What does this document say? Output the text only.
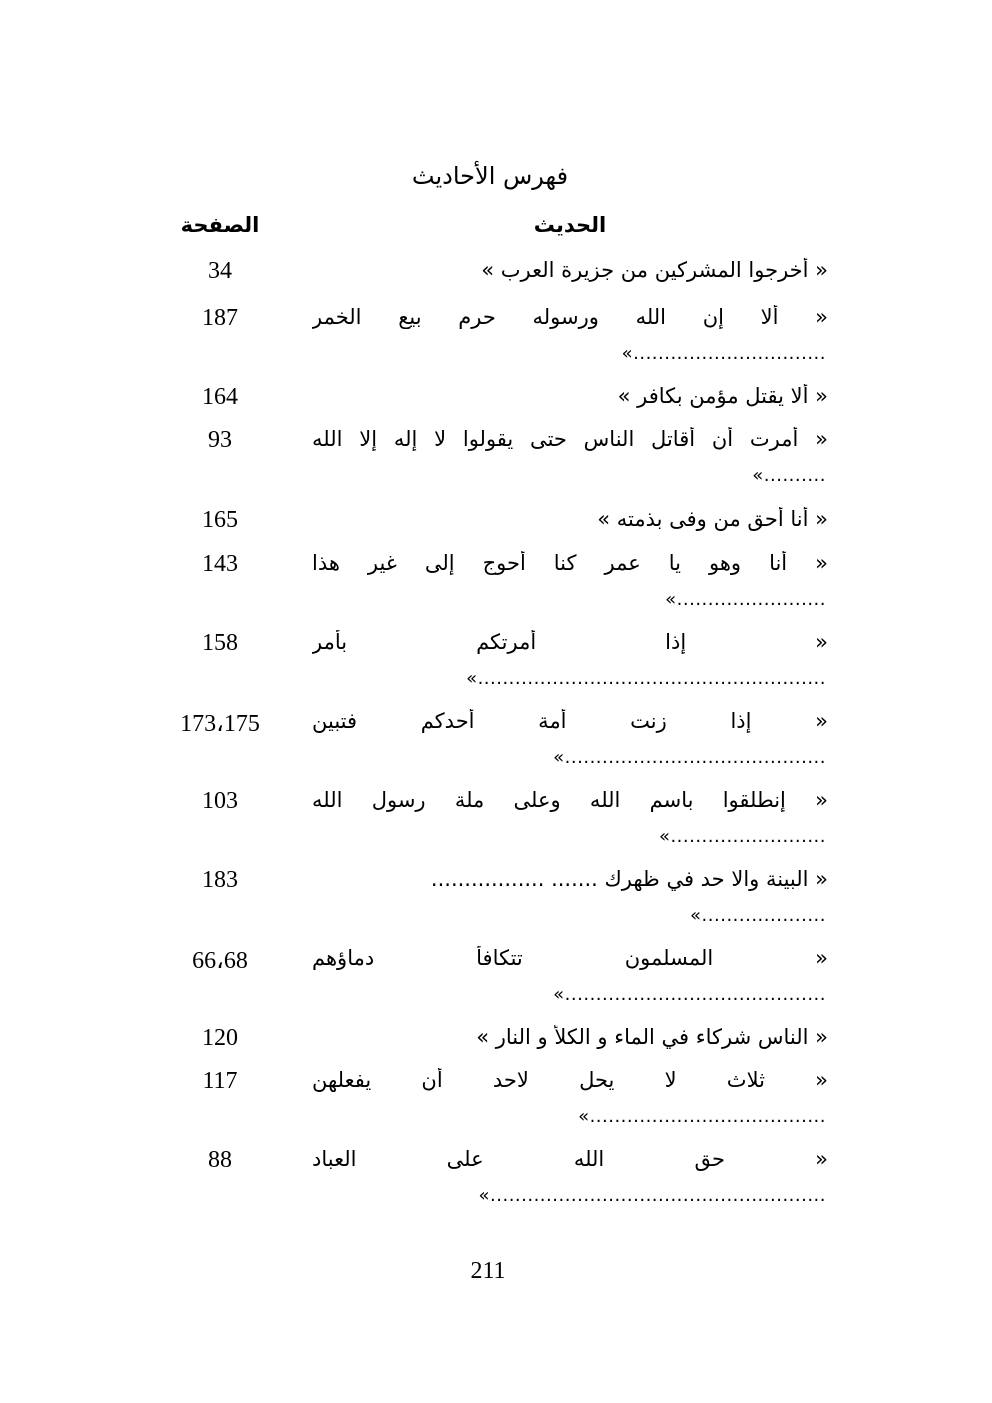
فهرس الأحاديث
الحديث
الصفحة
« أخرجوا المشركين من جزيرة العرب »
34
« ألا إن الله ورسوله حرم بيع الخمر
...............................»
187
« ألا يقتل مؤمن بكافر »
164
« أمرت أن أقاتل الناس حتى يقولوا لا إله إلا الله
..........»
93
« أنا أحق من وفى بذمته »
165
« أنا وهو يا عمر كنا أحوج إلى غير هذا
........................»
143
« إذا أمرتكم بأمر
........................................................»
158
« إذا زنت أمة أحدكم فتبين
..........................................»
173،175
« إنطلقوا باسم الله وعلى ملة رسول الله
.........................»
103
« البينة والا حد في ظهرك ....... .................
....................»
183
« المسلمون تتكافأ دماؤهم
..........................................»
66،68
« الناس شركاء في الماء و الكلأ و النار »
120
« ثلاث لا يحل لاحد أن يفعلهن
......................................»
117
« حق الله على العباد
......................................................»
88
211
